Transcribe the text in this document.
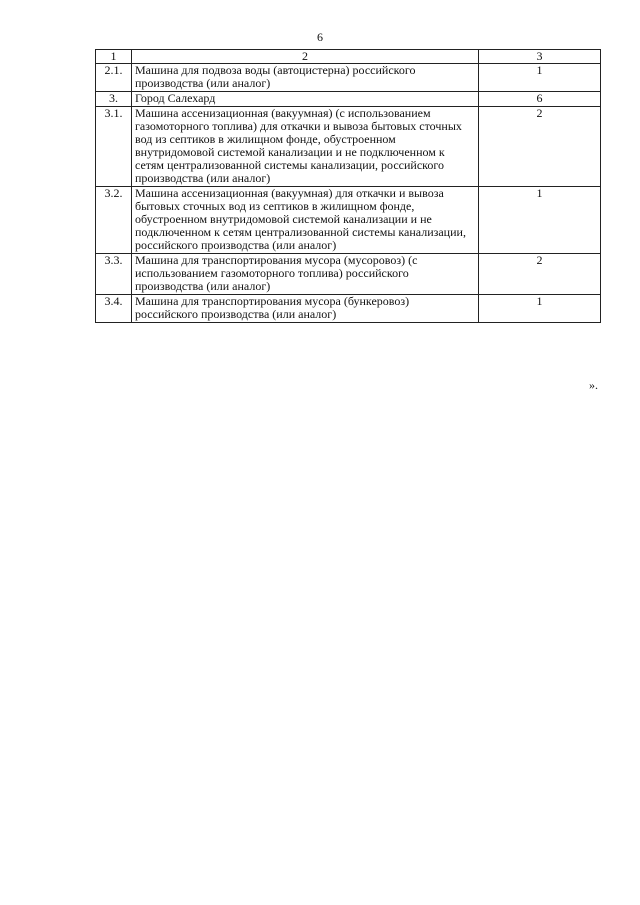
6
1	2	3
2.1.	Машина для подвоза воды (автоцистерна) российского производства (или аналог)	1
3.	Город Салехард	6
3.1.	Машина ассенизационная (вакуумная) (с использованием газомоторного топлива) для откачки и вывоза бытовых сточных вод из септиков в жилищном фонде, обустроенном внутридомовой системой канализации и не подключенном к сетям централизованной системы канализации, российского производства (или аналог)	2
3.2.	Машина ассенизационная (вакуумная) для откачки и вывоза бытовых сточных вод из септиков в жилищном фонде, обустроенном внутридомовой системой канализации и не подключенном к сетям централизованной системы канализации, российского производства (или аналог)	1
3.3.	Машина для транспортирования мусора (мусоровоз) (с использованием газомоторного топлива) российского производства (или аналог)	2
3.4.	Машина для транспортирования мусора (бункеровоз) российского производства (или аналог)	1
».
